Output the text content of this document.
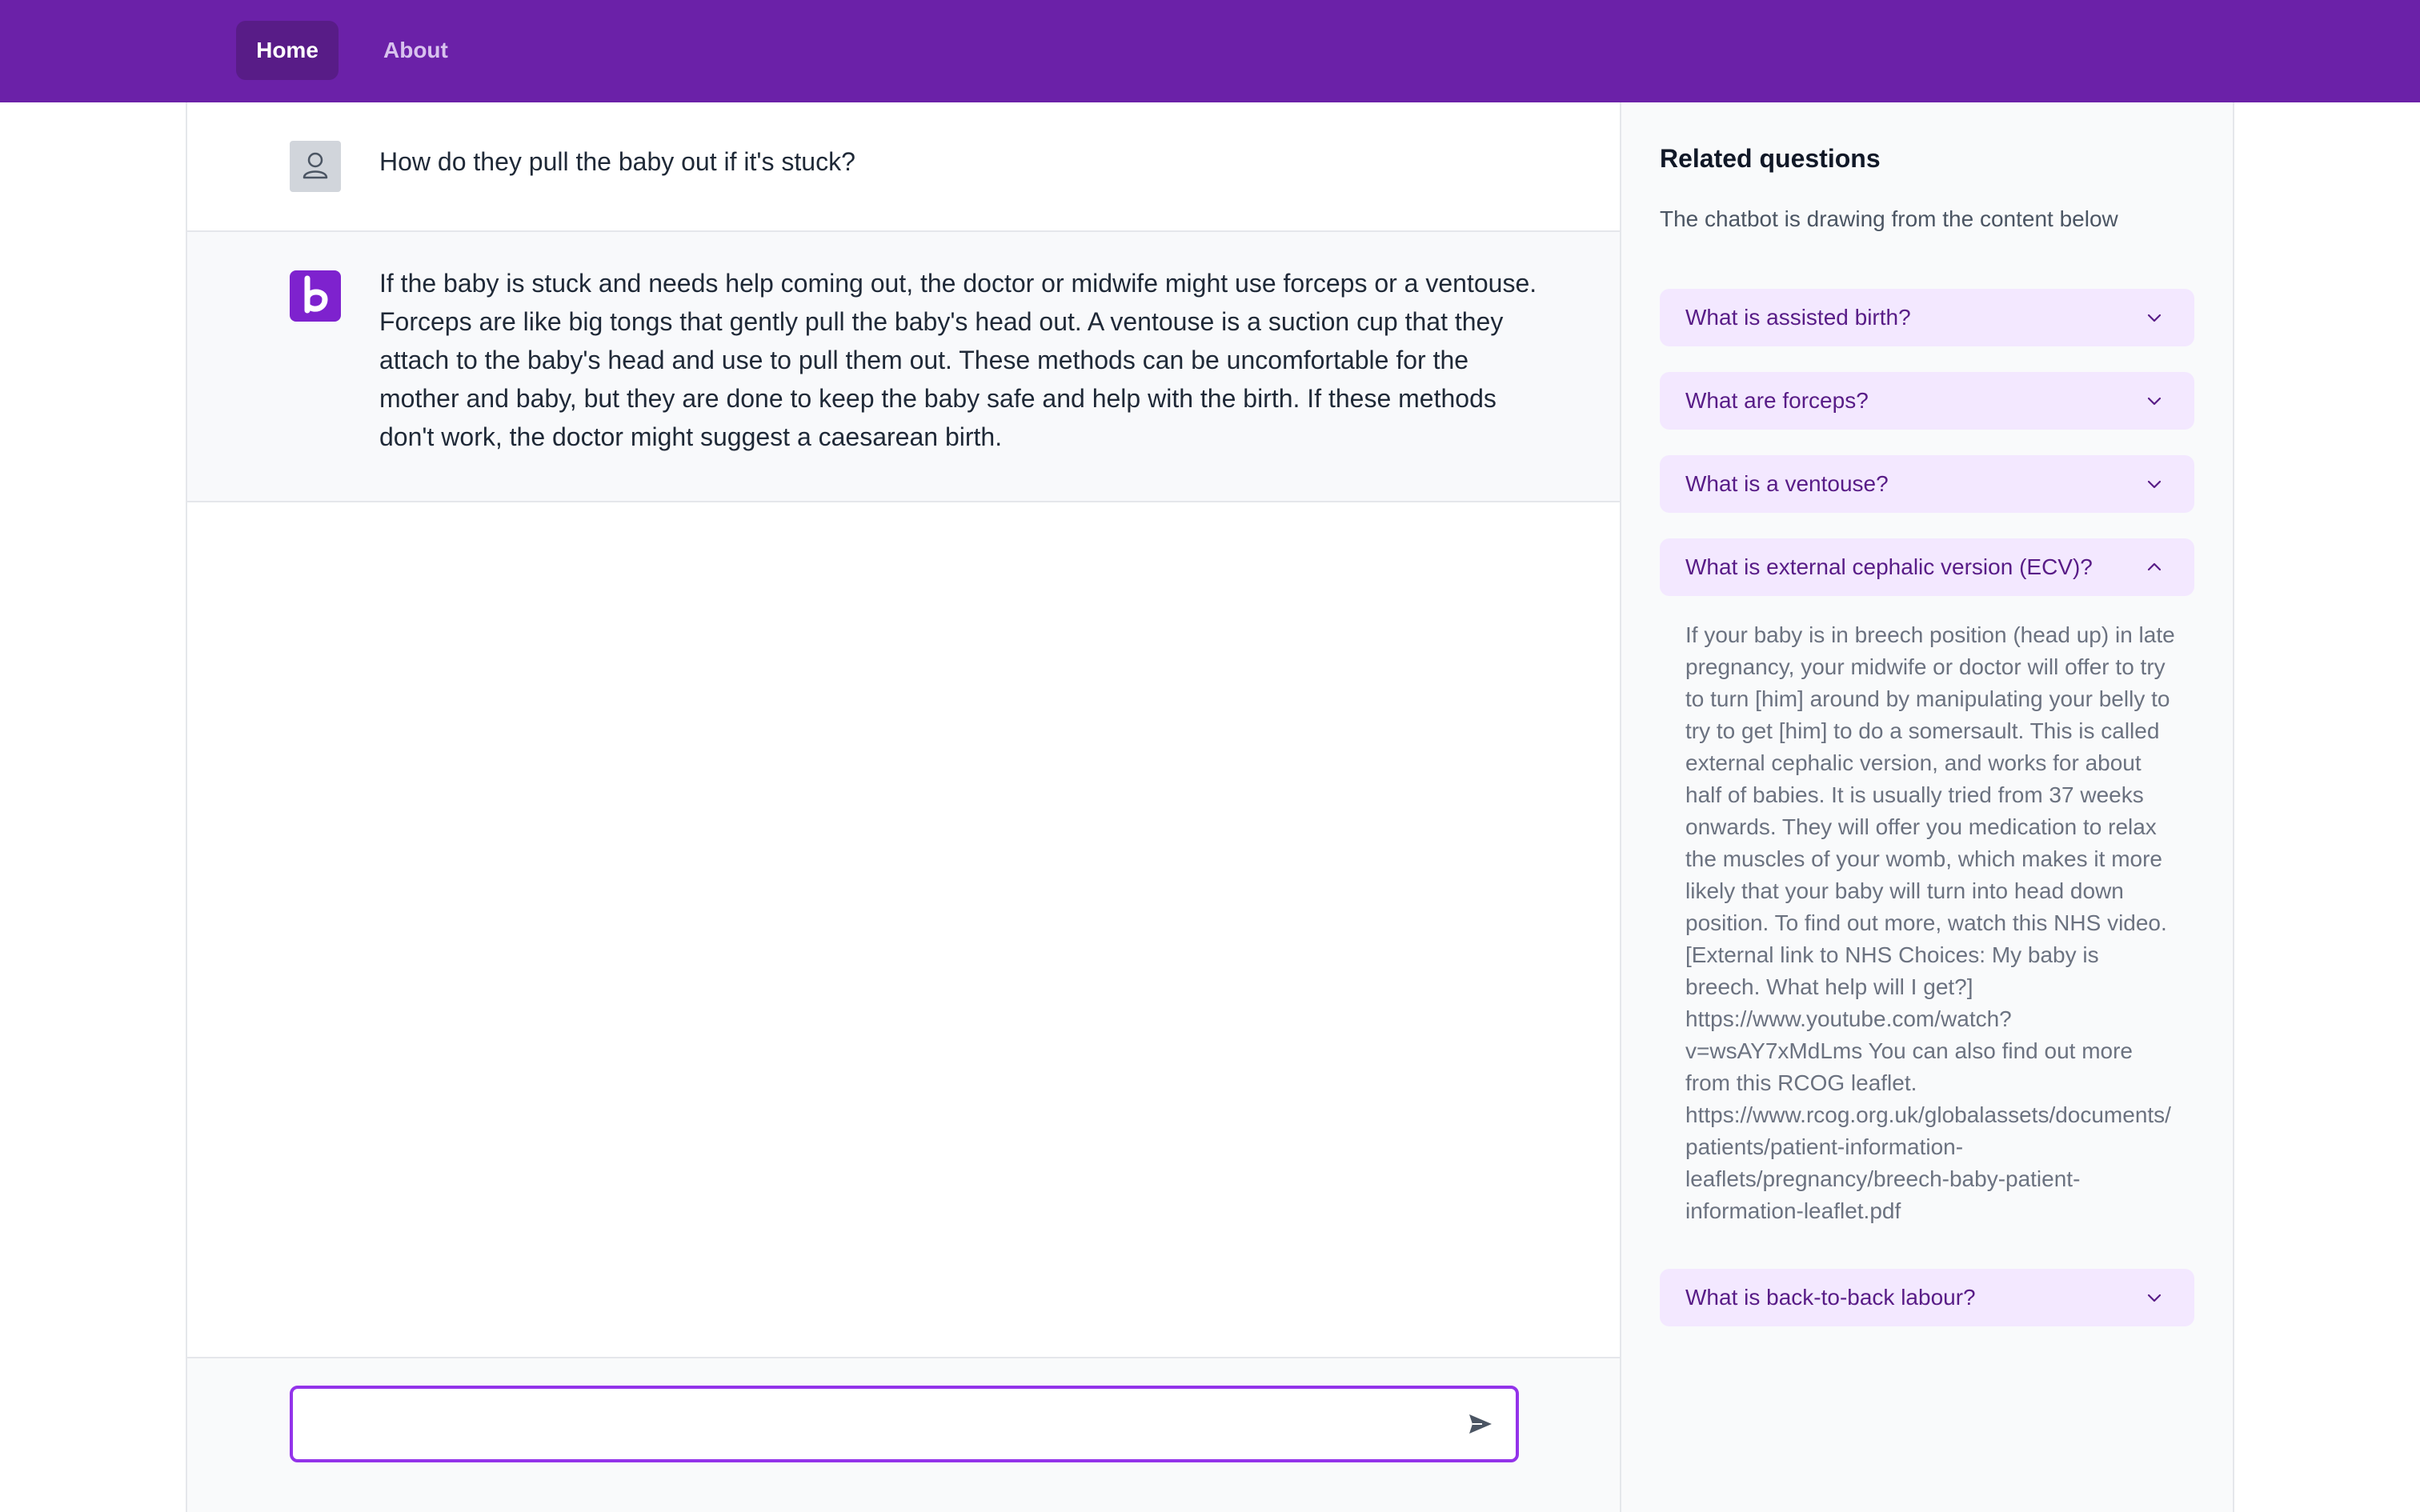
Home	About
How do they pull the baby out if it's stuck?
If the baby is stuck and needs help coming out, the doctor or midwife might use forceps or a ventouse. Forceps are like big tongs that gently pull the baby's head out. A ventouse is a suction cup that they attach to the baby's head and use to pull them out. These methods can be uncomfortable for the mother and baby, but they are done to keep the baby safe and help with the birth. If these methods don't work, the doctor might suggest a caesarean birth.
Related questions
The chatbot is drawing from the content below
What is assisted birth?
What are forceps?
What is a ventouse?
What is external cephalic version (ECV)?
If your baby is in breech position (head up) in late pregnancy, your midwife or doctor will offer to try to turn [him] around by manipulating your belly to try to get [him] to do a somersault. This is called external cephalic version, and works for about half of babies. It is usually tried from 37 weeks onwards. They will offer you medication to relax the muscles of your womb, which makes it more likely that your baby will turn into head down position. To find out more, watch this NHS video. [External link to NHS Choices: My baby is breech. What help will I get?] https://www.youtube.com/watch?v=wsAY7xMdLms You can also find out more from this RCOG leaflet. https://www.rcog.org.uk/globalassets/documents/patients/patient-information-leaflets/pregnancy/breech-baby-patient-information-leaflet.pdf
What is back-to-back labour?
